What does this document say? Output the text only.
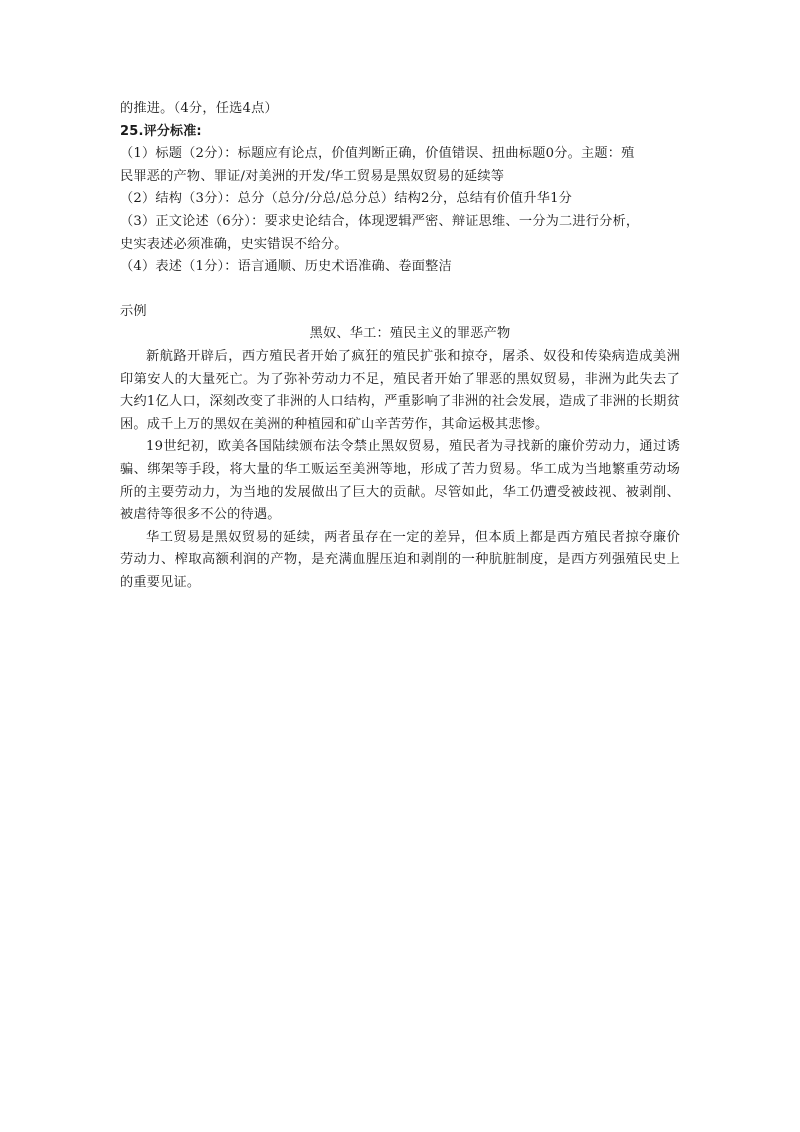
的推进。（4分，任选4点）
25.评分标准:
（1）标题（2分）：标题应有论点，价值判断正确，价值错误、扭曲标题0分。主题：殖
民罪恶的产物、罪证/对美洲的开发/华工贸易是黑奴贸易的延续等
（2）结构（3分）：总分（总分/分总/总分总）结构2分，总结有价值升华1分
（3）正文论述（6分）：要求史论结合，体现逻辑严密、辩证思维、一分为二进行分析，
史实表述必须准确，史实错误不给分。
（4）表述（1分）：语言通顺、历史术语准确、卷面整洁
示例
黑奴、华工：殖民主义的罪恶产物

新航路开辟后，西方殖民者开始了疯狂的殖民扩张和掠夺，屠杀、奴役和传染病造成美洲印第安人的大量死亡。为了弥补劳动力不足，殖民者开始了罪恶的黑奴贸易，非洲为此失去了大约1亿人口，深刻改变了非洲的人口结构，严重影响了非洲的社会发展，造成了非洲的长期贫困。成千上万的黑奴在美洲的种植园和矿山辛苦劳作，其命运极其悲惨。

19世纪初，欧美各国陆续颁布法令禁止黑奴贸易，殖民者为寻找新的廉价劳动力，通过诱骗、绑架等手段，将大量的华工贩运至美洲等地，形成了苦力贸易。华工成为当地繁重劳动场所的主要劳动力，为当地的发展做出了巨大的贡献。尽管如此，华工仍遭受被歧视、被剥削、被虐待等很多不公的待遇。

华工贸易是黑奴贸易的延续，两者虽存在一定的差异，但本质上都是西方殖民者掠夺廉价劳动力、榨取高额利润的产物，是充满血腥压迫和剥削的一种肮脏制度，是西方列强殖民史上的重要见证。
